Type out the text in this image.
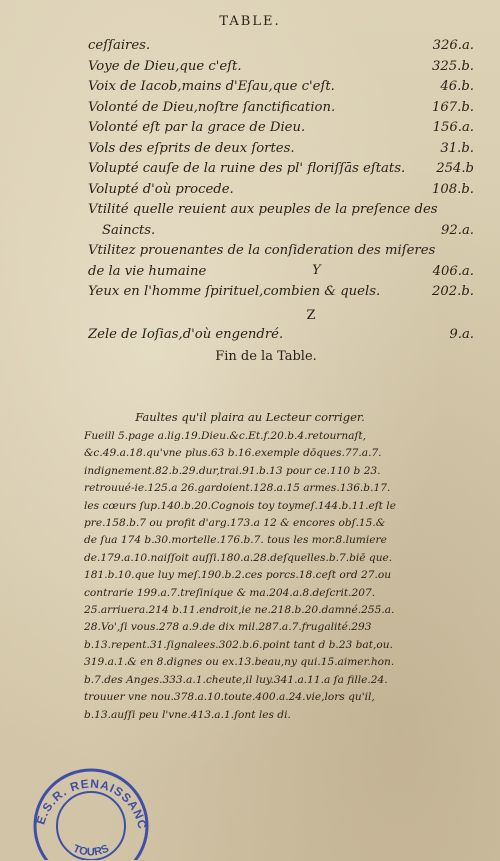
TABLE.
ceſſaires.	326.a.
Voye de Dieu,que c'eſt.	325.b.
Voix de Iacob,mains d'Eſau,que c'eſt.	46.b.
Volonté de Dieu,noſtre ſanctification.	167.b.
Volonté eſt par la grace de Dieu.	156.a.
Vols des eſprits de deux ſortes.	31.b.
Volupté cauſe de la ruine des pl' floriſſās eſtats.	254.b
Volupté d'où procede.	108.b.
Vtilité quelle reuient aux peuples de la preſence des
Saincts.	92.a.
Vtilitez prouenantes de la conſideration des miſeres
de la vie humaine	Y	406.a.
Yeux en l'homme ſpirituel,combien & quels.	202.b.
Z
Zele de Ioſias,d'où engendré.	9.a.
Fin de la Table.
Faultes qu'il plaira au Lecteur corriger.
Fueill 5.page a.lig.19.Dieu.&c.Et.f.20.b.4.retournaſt,
&c.49.a.18.qu'vne plus.63 b.16.exemple dōques.77.a.7.
indignement.82.b.29.dur,trai.91.b.13 pour ce.110 b 23.
retrouué-ie.125.a 26.gardoient.128.a.15 armes.136.b.17.
les cœurs ſup.140.b.20.Cognois toy toymeſ.144.b.11.eſt le
pre.158.b.7 ou profit d'arg.173.a 12 & encores obſ.15.&
de ſua 174 b.30.mortelle.176.b.7. tous les mor.8.lumiere
de.179.a.10.naiſſoit auſſi.180.a.28.deſquelles.b.7.biē que.
181.b.10.que luy meſ.190.b.2.ces porcs.18.ceſt ord 27.ou
contrarie 199.a.7.treſinique & ma.204.a.8.deſcrit.207.
25.arriuera.214 b.11.endroit,ie ne.218.b.20.damné.255.a.
28.Vo',ſi vous.278 a.9.de dix mil.287.a.7.frugalité.293
b.13.repent.31.ſignalees.302.b.6.point tant d b.23 bat,ou.
319.a.1.& en 8.dignes ou ex.13.beau,ny qui.15.aimer.hon.
b.7.des Anges.333.a.1.cheute,il luy.341.a.11.a ſa fille.24.
trouuer vne nou.378.a.10.toute.400.a.24.vie,lors qu'il,
b.13.auſſi peu l'vne.413.a.1.ſont les di.
E.S.R. RENAISSANC
TOURS
